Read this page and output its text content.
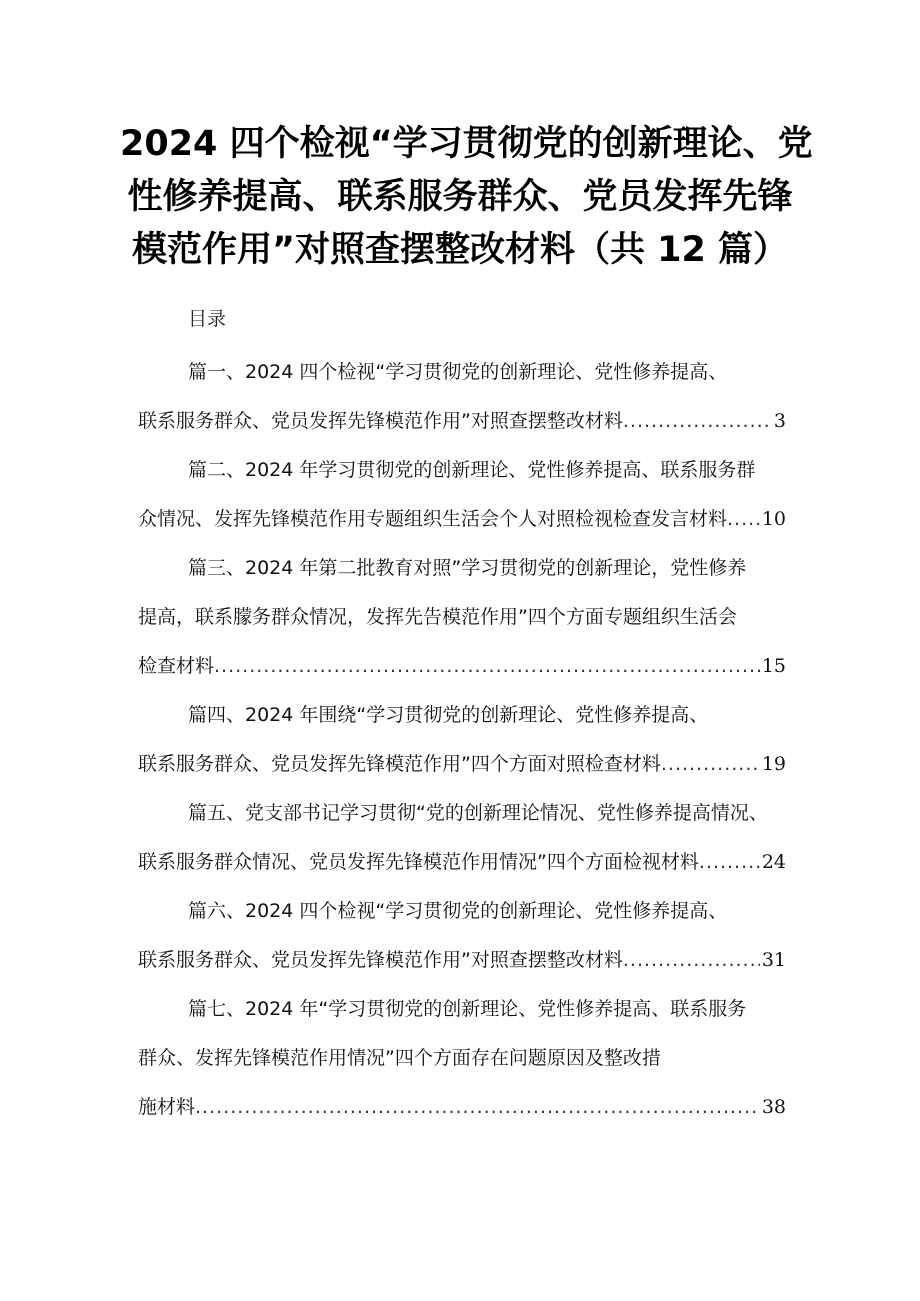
2024 四个检视“学习贯彻党的创新理论、党
性修养提高、联系服务群众、党员发挥先锋
模范作用”对照查摆整改材料（共 12 篇）
目录
篇一、2024 四个检视“学习贯彻党的创新理论、党性修养提高、
联系服务群众、党员发挥先锋模范作用”对照查摆整改材料 .....	3
篇二、2024 年学习贯彻党的创新理论、党性修养提高、联系服务群
众情况、发挥先锋模范作用专题组织生活会个人对照检视检查发言材料 ..... 10
篇三、2024 年第二批教育对照”学习贯彻党的创新理论，党性修养
提高，联系朦务群众情况，发挥先告模范作用”四个方面专题组织生活会
检查材料 .....	15
篇四、2024 年围绕“学习贯彻党的创新理论、党性修养提高、
联系服务群众、党员发挥先锋模范作用”四个方面对照检查材料 .....	19
篇五、党支部书记学习贯彻“党的创新理论情况、党性修养提高情况、
联系服务群众情况、党员发挥先锋模范作用情况”四个方面检视材料 .....	24
篇六、2024 四个检视“学习贯彻党的创新理论、党性修养提高、
联系服务群众、党员发挥先锋模范作用”对照查摆整改材料 .....	31
篇七、2024 年“学习贯彻党的创新理论、党性修养提高、联系服务
群众、发挥先锋模范作用情况”四个方面存在问题原因及整改措
施材料 .....	38
